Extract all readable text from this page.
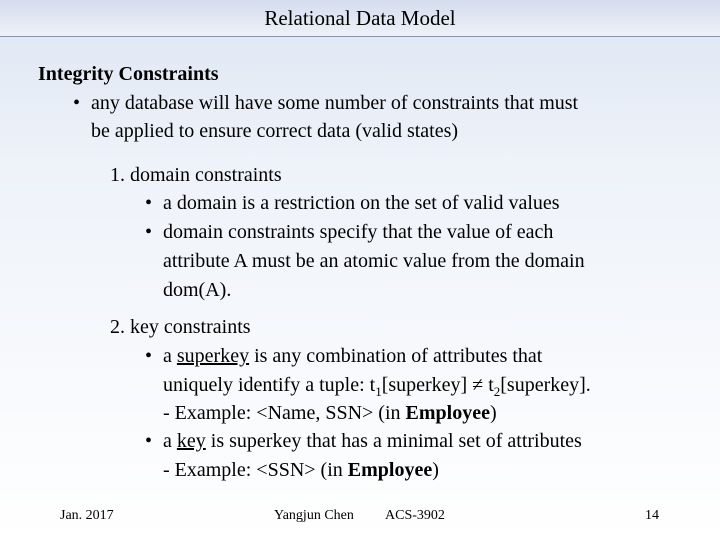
Relational Data Model
Integrity Constraints
• any database will have some number of constraints that must
be applied to ensure correct data (valid states)
1. domain constraints
• a domain is a restriction on the set of valid values
• domain constraints specify that the value of each
attribute A must be an atomic value from the domain
dom(A).
2. key constraints
• a superkey is any combination of attributes that
uniquely identify a tuple: $t_1[superkey]$ ≠ $t_2[superkey]$.
- Example: <Name, SSN> (in Employee)
• a key is superkey that has a minimal set of attributes
- Example: <SSN> (in Employee)
Jan. 2017	Yangjun Chen ACS-3902	14
